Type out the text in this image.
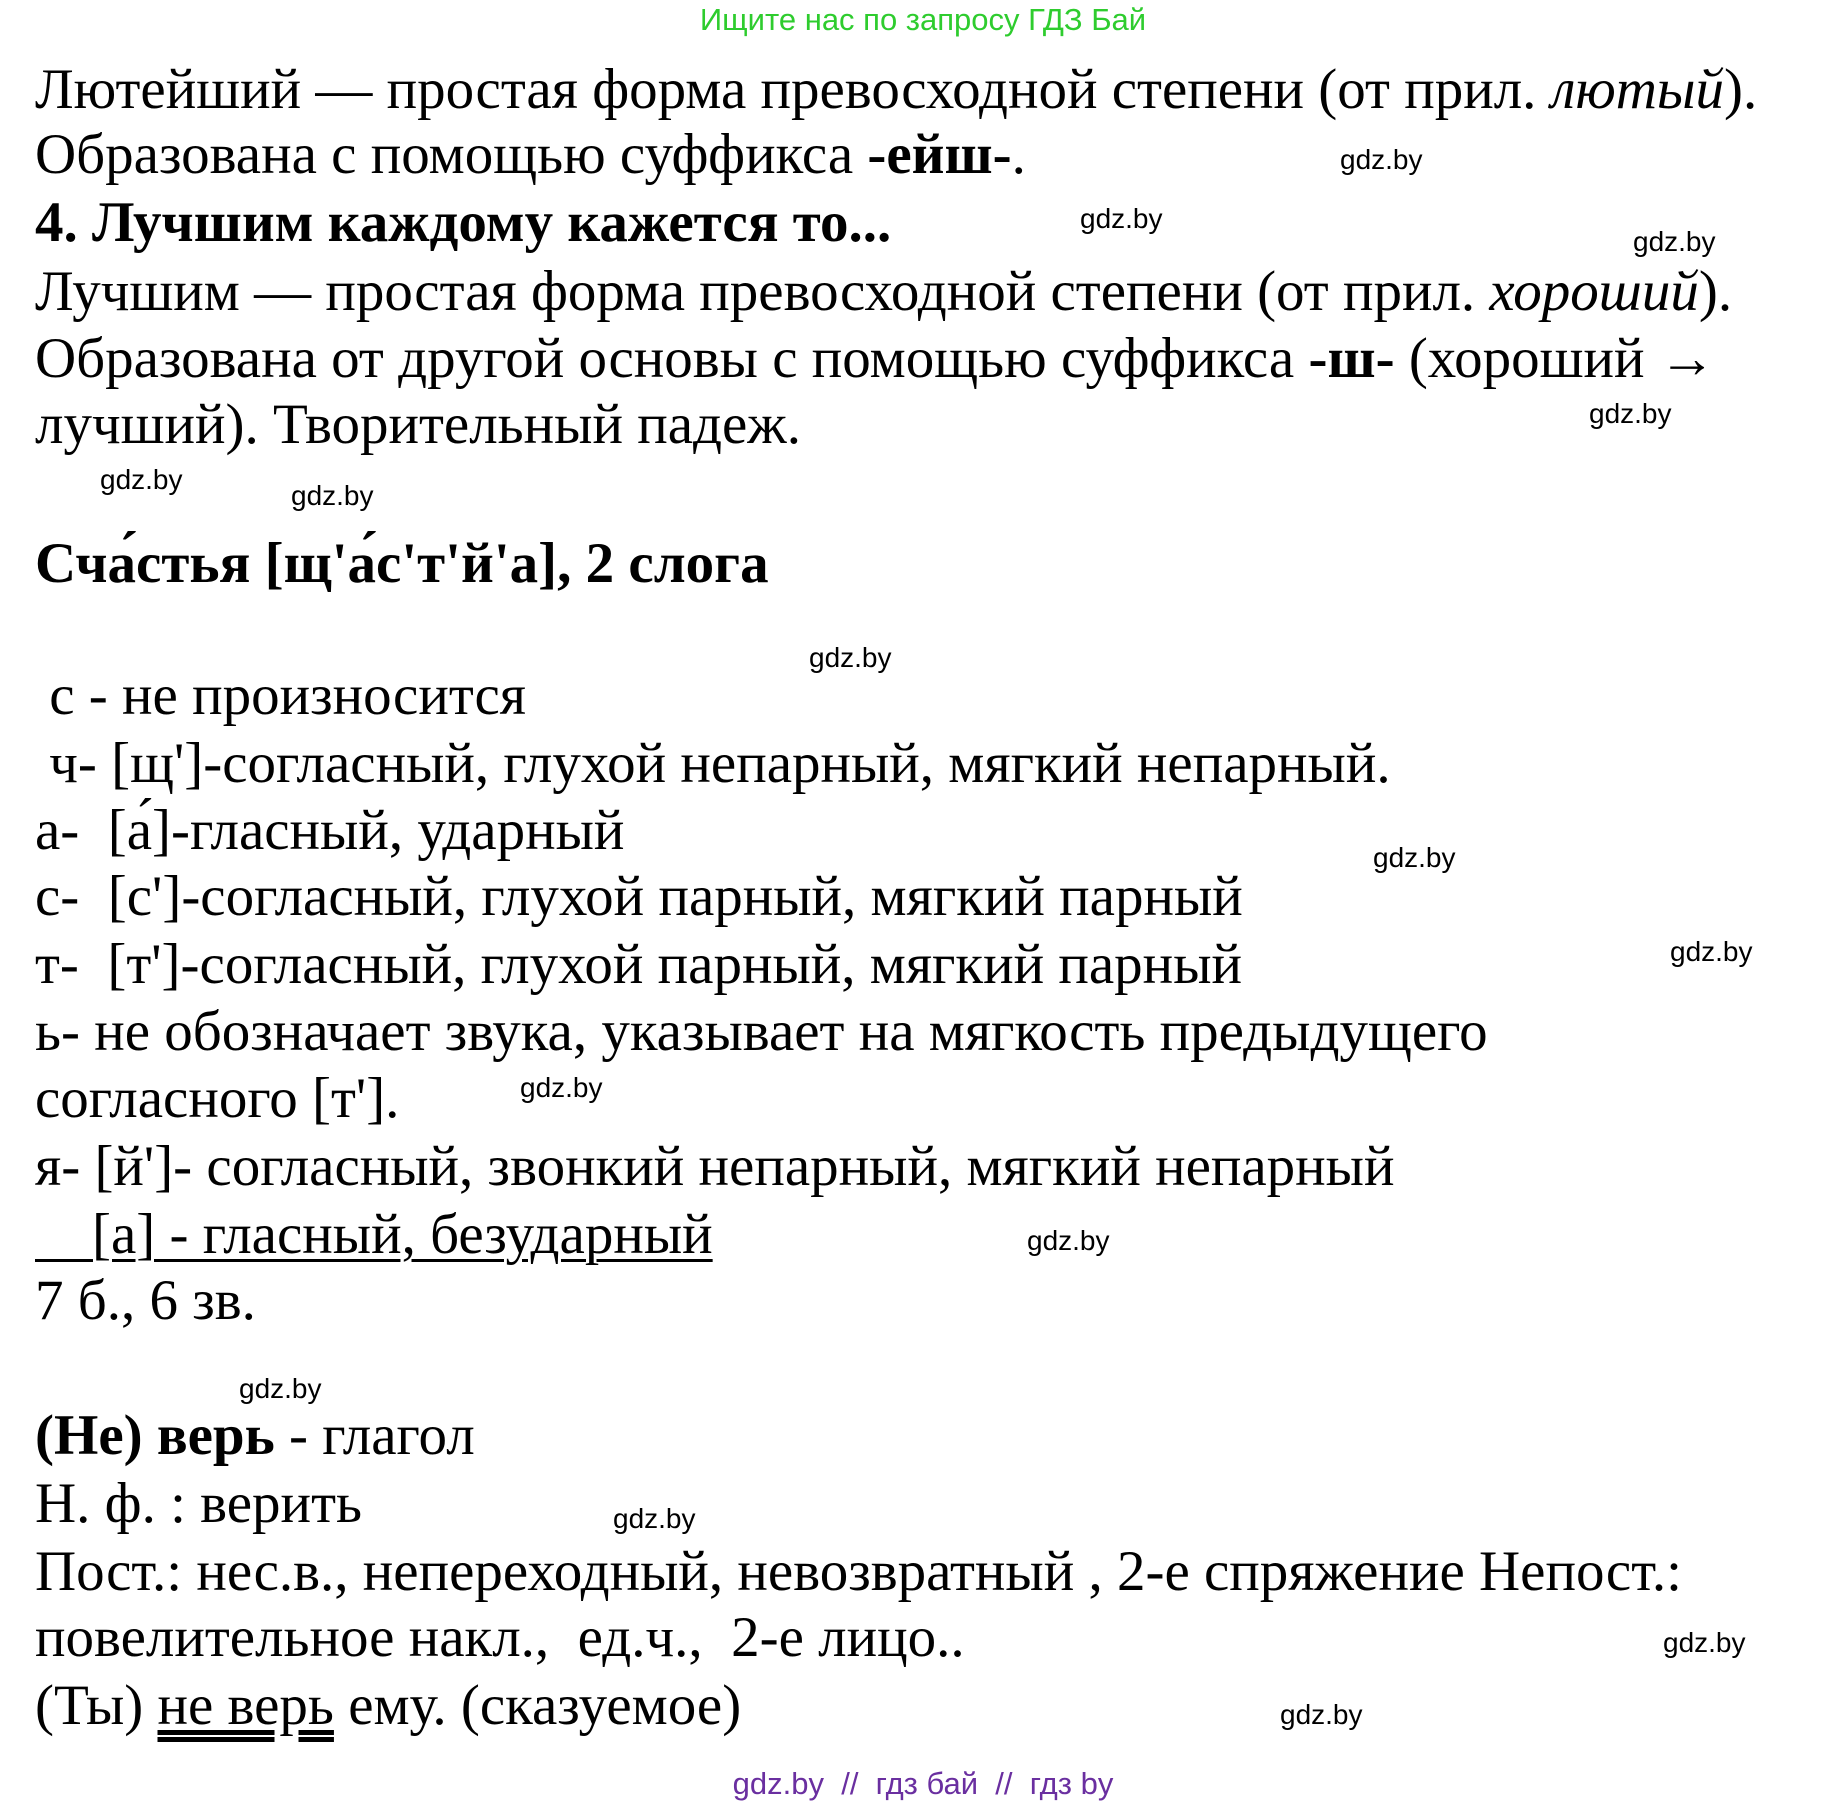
Ищите нас по запросу ГДЗ Бай
Лютейший — простая форма превосходной степени (от прил. лютый).
Образована с помощью суффикса -ейш-.
4. Лучшим каждому кажется то...
Лучшим — простая форма превосходной степени (от прил. хороший).
Образована от другой основы с помощью суффикса -ш- (хороший →
лучший). Творительный падеж.
Сча́стья [щ'а́с'т'й'а], 2 слога
с - не произносится
ч- [щ']-согласный, глухой непарный, мягкий непарный.
а-  [а́]-гласный, ударный
с-  [с']-согласный, глухой парный, мягкий парный
т-  [т']-согласный, глухой парный, мягкий парный
ь- не обозначает звука, указывает на мягкость предыдущего
согласного [т'].
я- [й']- согласный, звонкий непарный, мягкий непарный
[а] - гласный, безударный
7 б., 6 зв.
(Не) верь - глагол
Н. ф. : верить
Пост.: нес.в., непереходный, невозвратный , 2-е спряжение Непост.:
повелительное накл.,  ед.ч.,  2-е лицо..
(Ты) не верь ему. (сказуемое)
gdz.by
gdz.by
gdz.by
gdz.by
gdz.by
gdz.by
gdz.by
gdz.by
gdz.by
gdz.by
gdz.by
gdz.by
gdz.by
gdz.by
gdz.by
gdz.by  //  гдз бай  //  гдз by
